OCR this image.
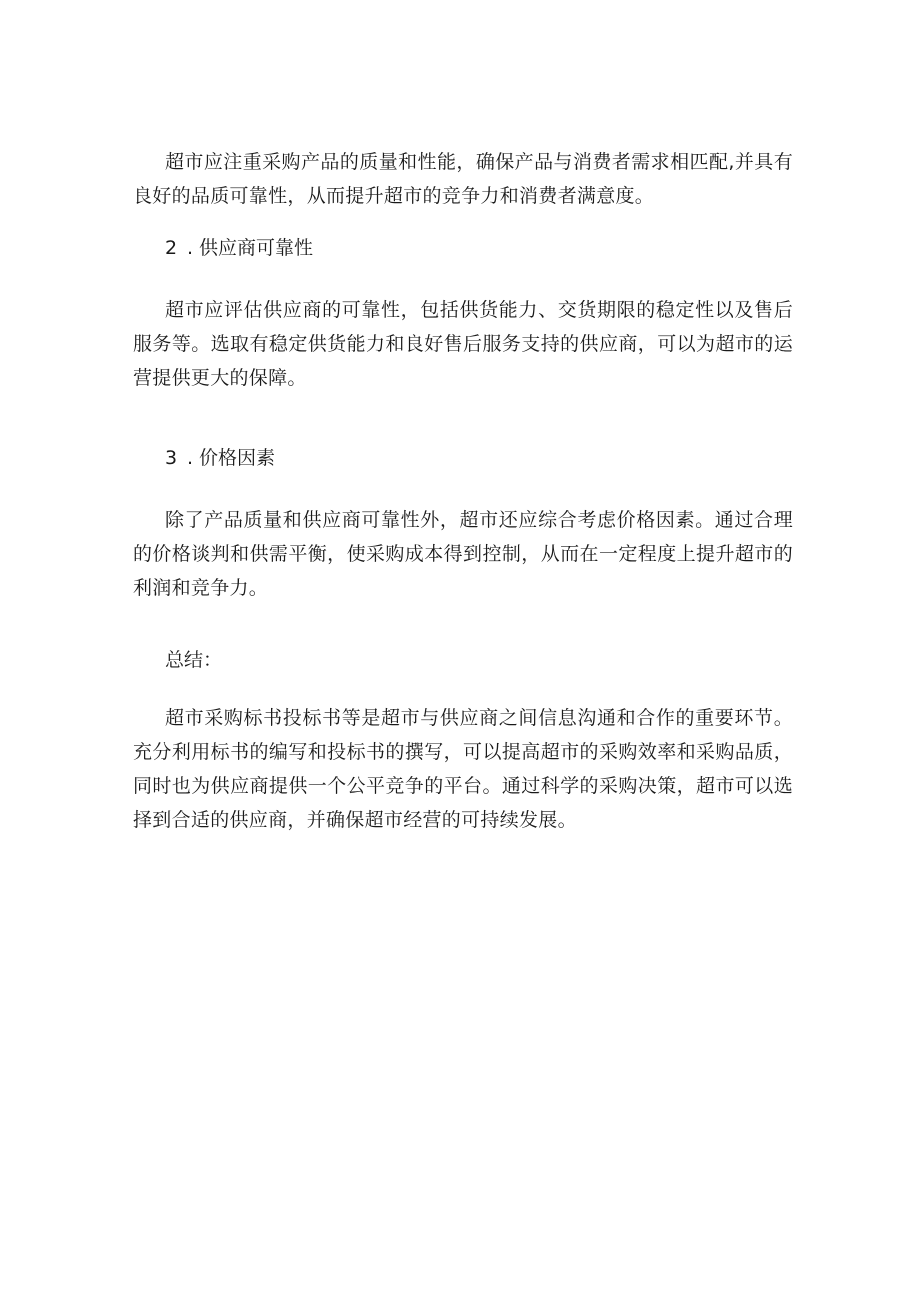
超市应注重采购产品的质量和性能，确保产品与消费者需求相匹配,并具有良好的品质可靠性，从而提升超市的竞争力和消费者满意度。

2 . 供应商可靠性

超市应评估供应商的可靠性，包括供货能力、交货期限的稳定性以及售后服务等。选取有稳定供货能力和良好售后服务支持的供应商，可以为超市的运营提供更大的保障。

3 . 价格因素

除了产品质量和供应商可靠性外，超市还应综合考虑价格因素。通过合理的价格谈判和供需平衡，使采购成本得到控制，从而在一定程度上提升超市的利润和竞争力。

总结：

超市采购标书投标书等是超市与供应商之间信息沟通和合作的重要环节。充分利用标书的编写和投标书的撰写，可以提高超市的采购效率和采购品质，同时也为供应商提供一个公平竞争的平台。通过科学的采购决策，超市可以选择到合适的供应商，并确保超市经营的可持续发展。
